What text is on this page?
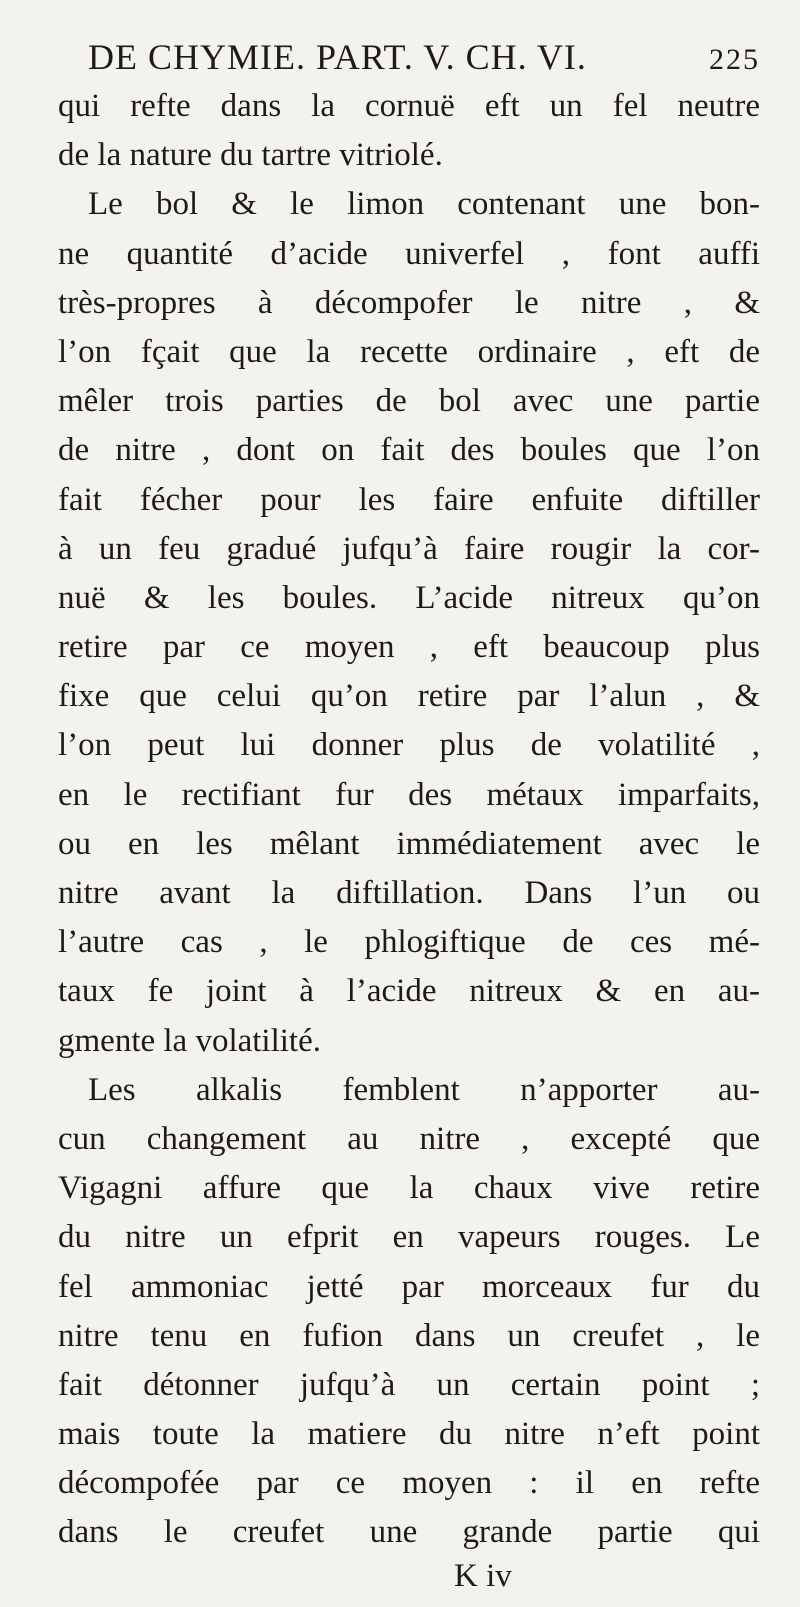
DE CHYMIE. PART. V. CH. VI.	225
qui refte dans la cornuë eft un fel neutre
de la nature du tartre vitriolé.
Le bol & le limon contenant une bon-
ne quantité d’acide univerfel , font auffi
très-propres à décompofer le nitre , &
l’on fçait que la recette ordinaire , eft de
mêler trois parties de bol avec une partie
de nitre , dont on fait des boules que l’on
fait fécher pour les faire enfuite diftiller
à un feu gradué jufqu’à faire rougir la cor-
nuë & les boules. L’acide nitreux qu’on
retire par ce moyen , eft beaucoup plus
fixe que celui qu’on retire par l’alun , &
l’on peut lui donner plus de volatilité ,
en le rectifiant fur des métaux imparfaits,
ou en les mêlant immédiatement avec le
nitre avant la diftillation. Dans l’un ou
l’autre cas , le phlogiftique de ces mé-
taux fe joint à l’acide nitreux & en au-
gmente la volatilité.
Les alkalis femblent n’apporter au-
cun changement au nitre , excepté que
Vigagni affure que la chaux vive retire
du nitre un efprit en vapeurs rouges. Le
fel ammoniac jetté par morceaux fur du
nitre tenu en fufion dans un creufet , le
fait détonner jufqu’à un certain point ;
mais toute la matiere du nitre n’eft point
décompofée par ce moyen : il en refte
dans le creufet une grande partie qui
K iv
